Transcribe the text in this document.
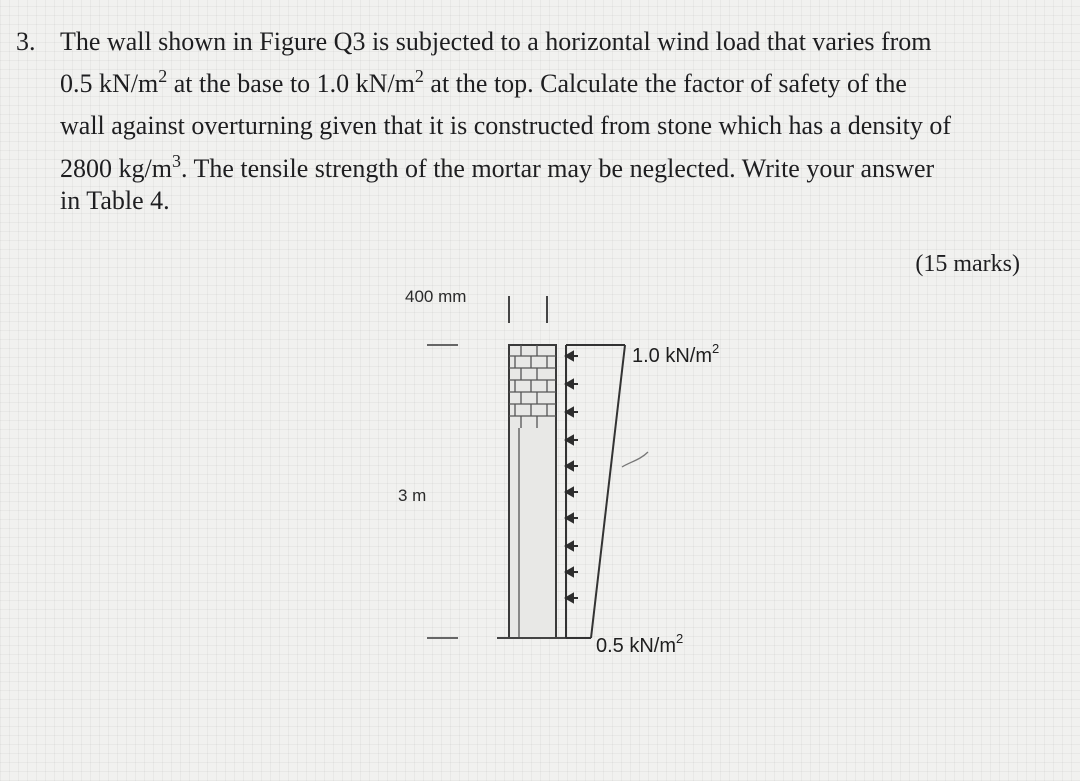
3. The wall shown in Figure Q3 is subjected to a horizontal wind load that varies from
0.5 $kN/m^2$ at the base to 1.0 $kN/m^2$ at the top. Calculate the factor of safety of the
wall against overturning given that it is constructed from stone which has a density of
2800 $kg/m^3$. The tensile strength of the mortar may be neglected. Write your answer
in Table 4.
(15 marks)
400 mm
3 m
1.0 $kN/m^2$
0.5 $kN/m^2$
